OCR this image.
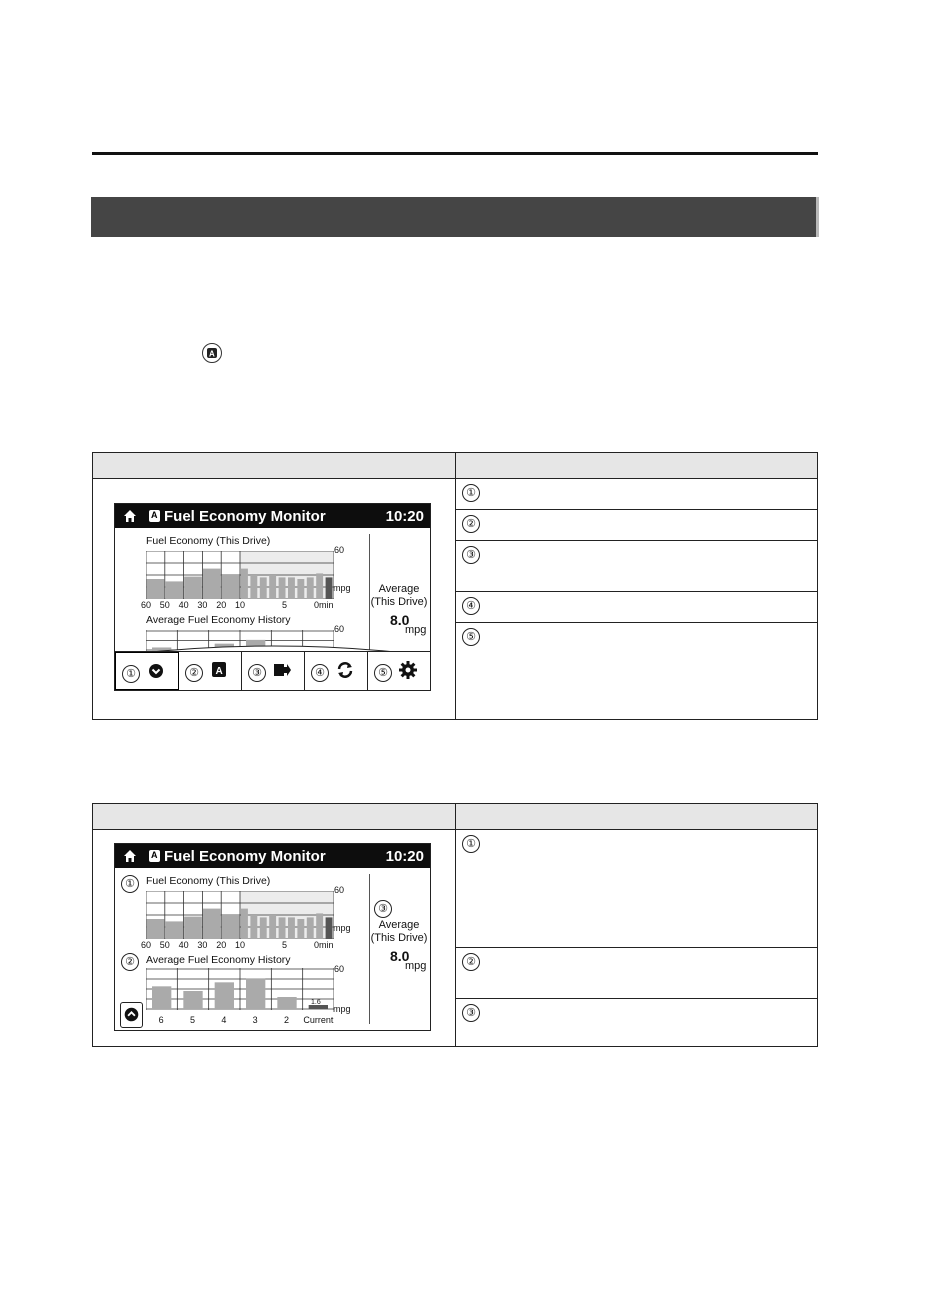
A
A
Fuel Economy Monitor	10:20
Fuel Economy (This Drive)
60
mpg
60 50 40 30 20 10	5	0min
Average Fuel Economy History
60
Average
(This Drive)
8.0
mpg
①	②	A	③	④	⑤
①
②
③
④
⑤
A
Fuel Economy Monitor	10:20
①	Fuel Economy (This Drive)
60
mpg
60 50 40 30 20 10	5	0min
②	Average Fuel Economy History
60
mpg
1.6
6	5	4	3	2 Current
③
Average
(This Drive)
8.0
mpg
①
②
③
